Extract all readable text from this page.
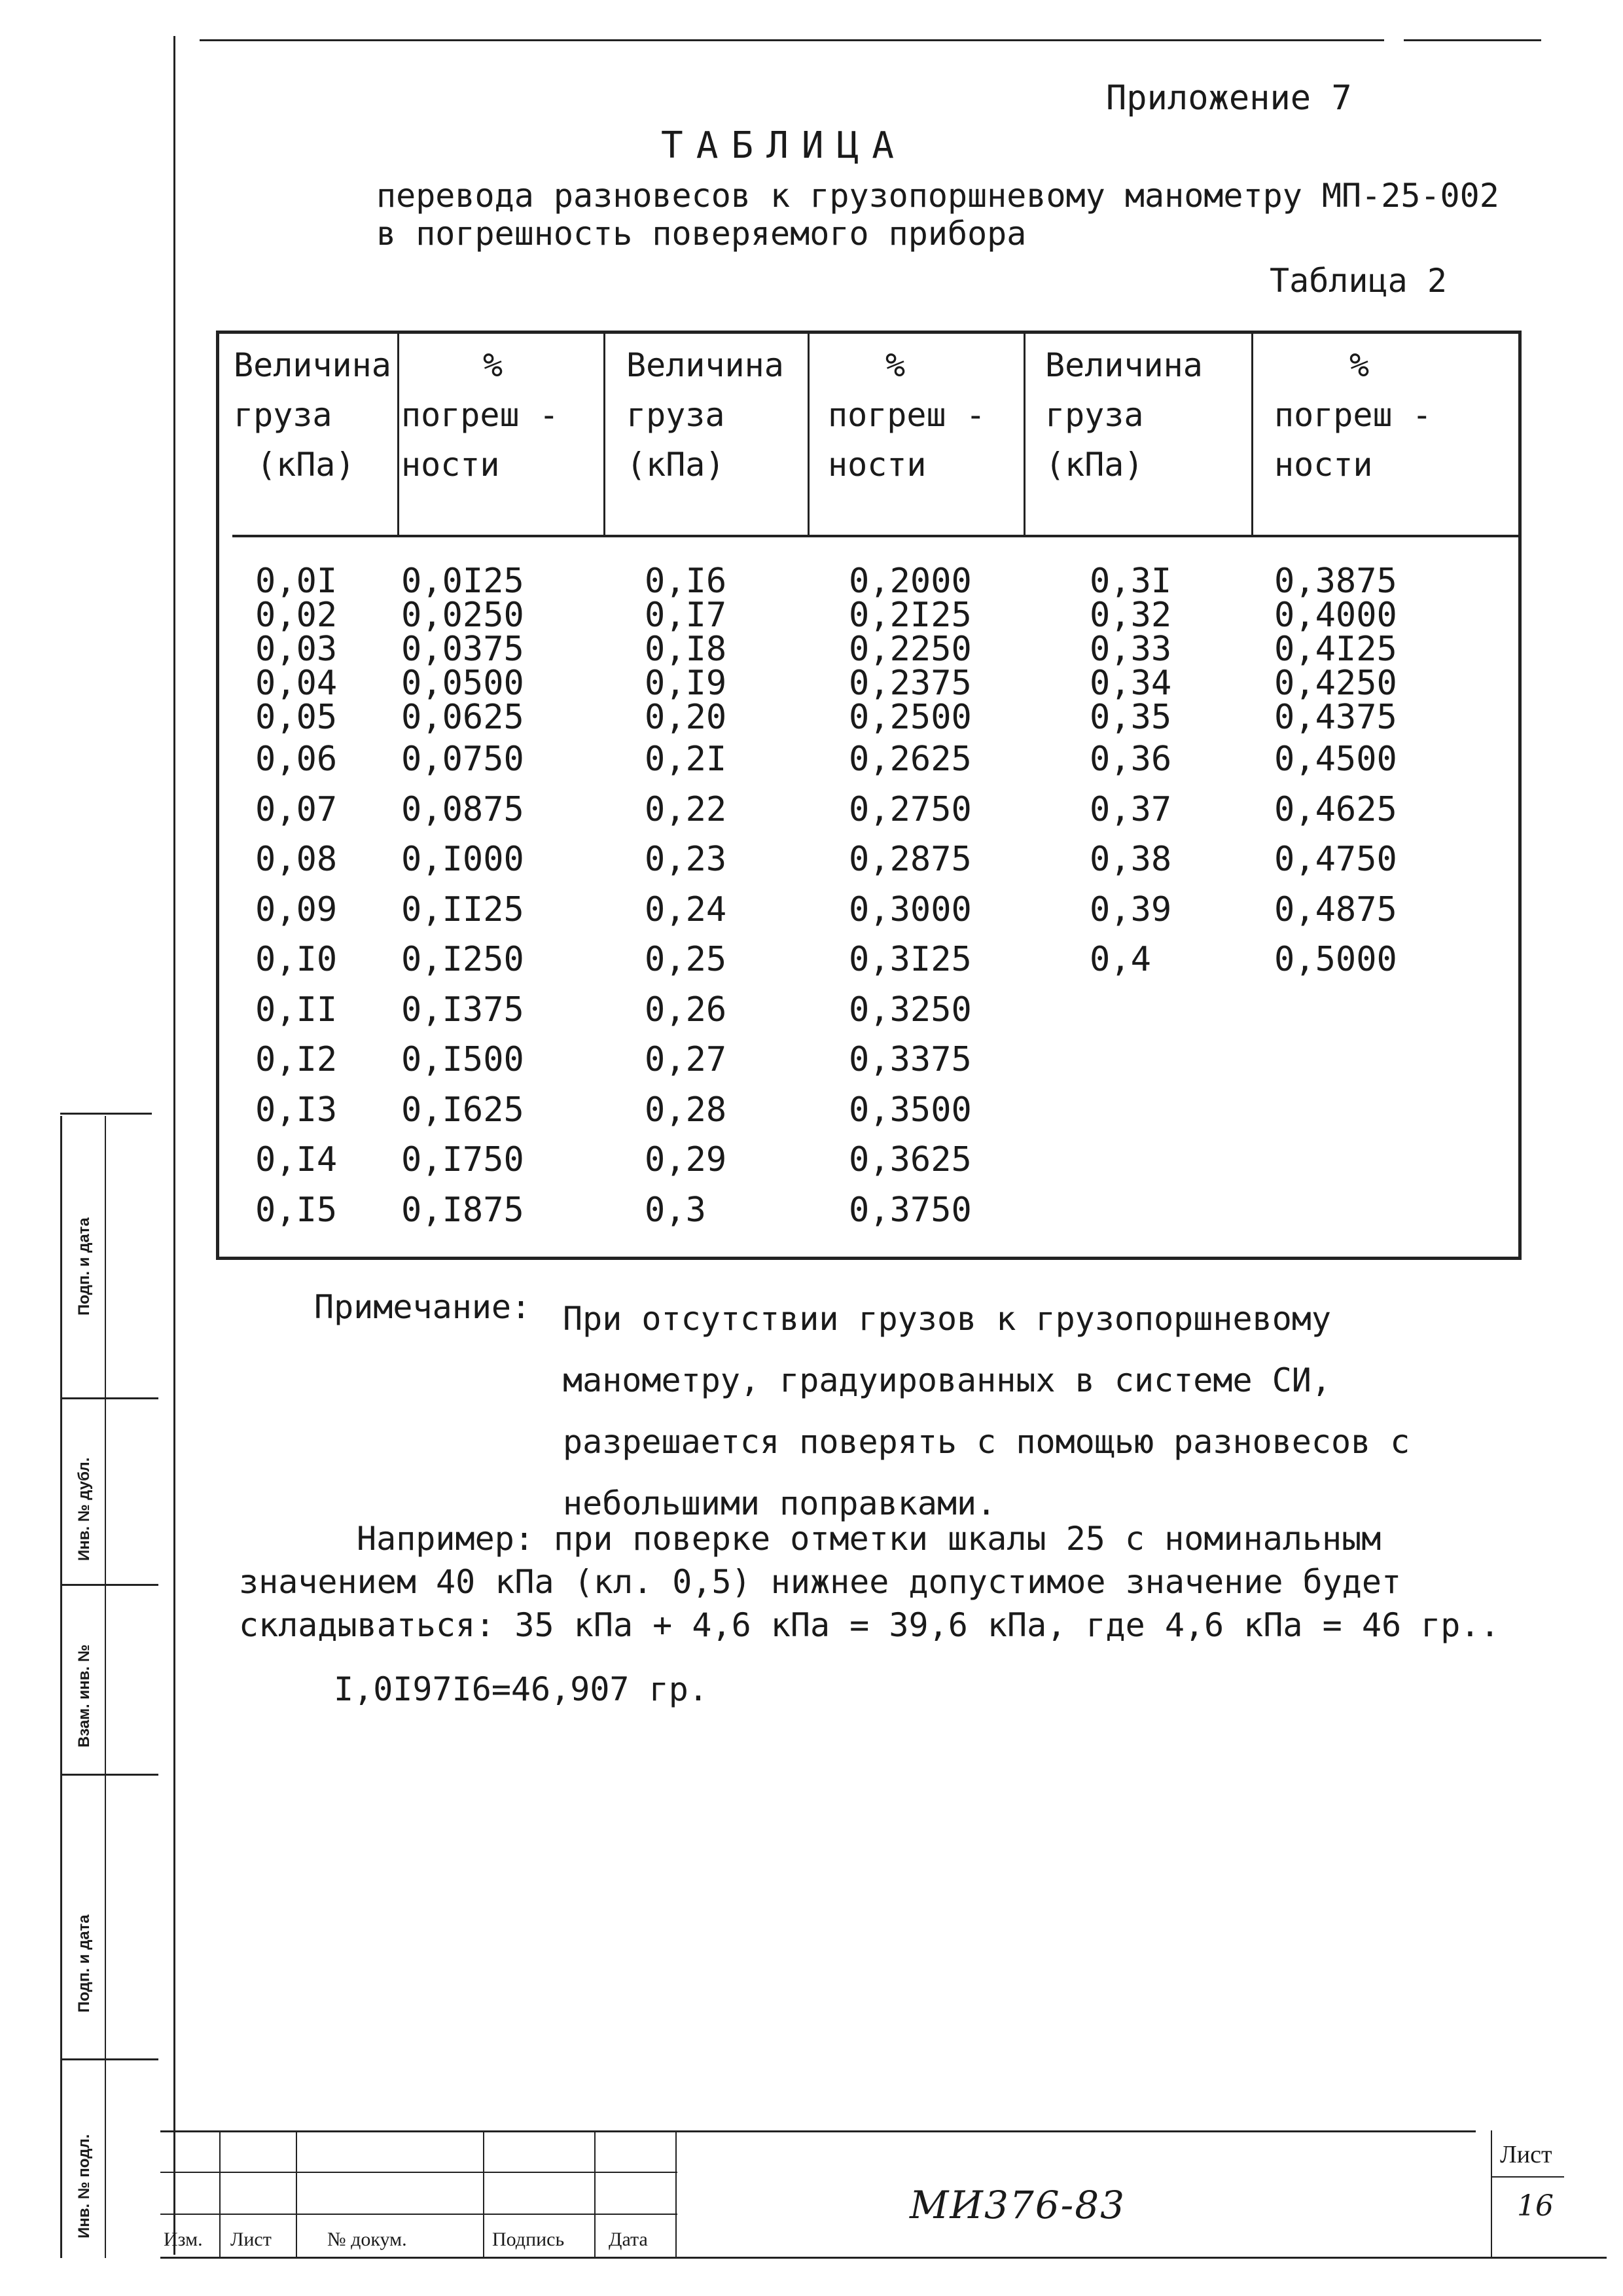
Приложение 7
ТАБЛИЦА
перевода разновесов к грузопоршневому манометру МП-25-002
в погрешность поверяемого прибора
Таблица 2
Величина
груза
(кПа)
%
погреш -
ности
Величина
груза
(кПа)
%
погреш -
ности
Величина
груза
(кПа)
%
погреш -
ности
0,0I
0,02
0,03
0,04
0,05
0,06
0,07
0,08
0,09
0,I0
0,II
0,I2
0,I3
0,I4
0,I5
0,0I25
0,0250
0,0375
0,0500
0,0625
0,0750
0,0875
0,I000
0,II25
0,I250
0,I375
0,I500
0,I625
0,I750
0,I875
0,I6
0,I7
0,I8
0,I9
0,20
0,2I
0,22
0,23
0,24
0,25
0,26
0,27
0,28
0,29
0,3
0,2000
0,2I25
0,2250
0,2375
0,2500
0,2625
0,2750
0,2875
0,3000
0,3I25
0,3250
0,3375
0,3500
0,3625
0,3750
0,3I
0,32
0,33
0,34
0,35
0,36
0,37
0,38
0,39
0,4
0,3875
0,4000
0,4I25
0,4250
0,4375
0,4500
0,4625
0,4750
0,4875
0,5000
Примечание: При отсутствии грузов к грузопоршневому манометру, градуированных в системе СИ, разрешается поверять с помощью разновесов с небольшими поправками.
Например: при поверке отметки шкалы 25 с номинальным значением 40 кПа (кл. 0,5) нижнее допустимое значение будет складываться: 35 кПа + 4,6 кПа = 39,6 кПа, где 4,6 кПа = 46 гр..
I,0I97I6=46,907 гр.
Подп. и дата
Инв. № дубл.
Взам. инв. №
Подп. и дата
Инв. № подл.
Изм. Лист	№ докум.	Подпись Дата
МИ376-83
Лист
16
